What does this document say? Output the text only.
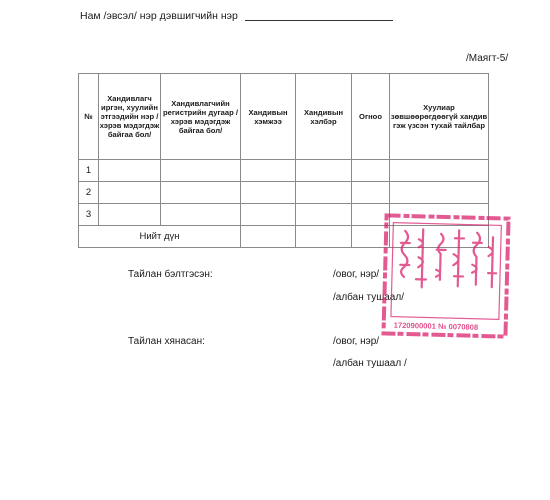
Нам /эвсэл/ нэр дэвшигчийн нэр
/Маягт-5/
№	Хандивлагч иргэн, хуулийн этгээдийн нэр /хэрэв мэдэгдэж байгаа бол/	Хандивлагчийн регистрийн дугаар /хэрэв мэдэгдэж байгаа бол/	Хандивын хэмжээ	Хандивын хэлбэр	Огноо	Хуулиар зөвшөөрөгдөөгүй хандив гэж үзсэн тухай тайлбар
1						
2						
3						
Нийт дүн						
Тайлан бэлтгэсэн:	/овог, нэр/
/албан тушаал/
Тайлан хянасан:	/овог, нэр/
/албан тушаал /
1720900001 № 0070808
